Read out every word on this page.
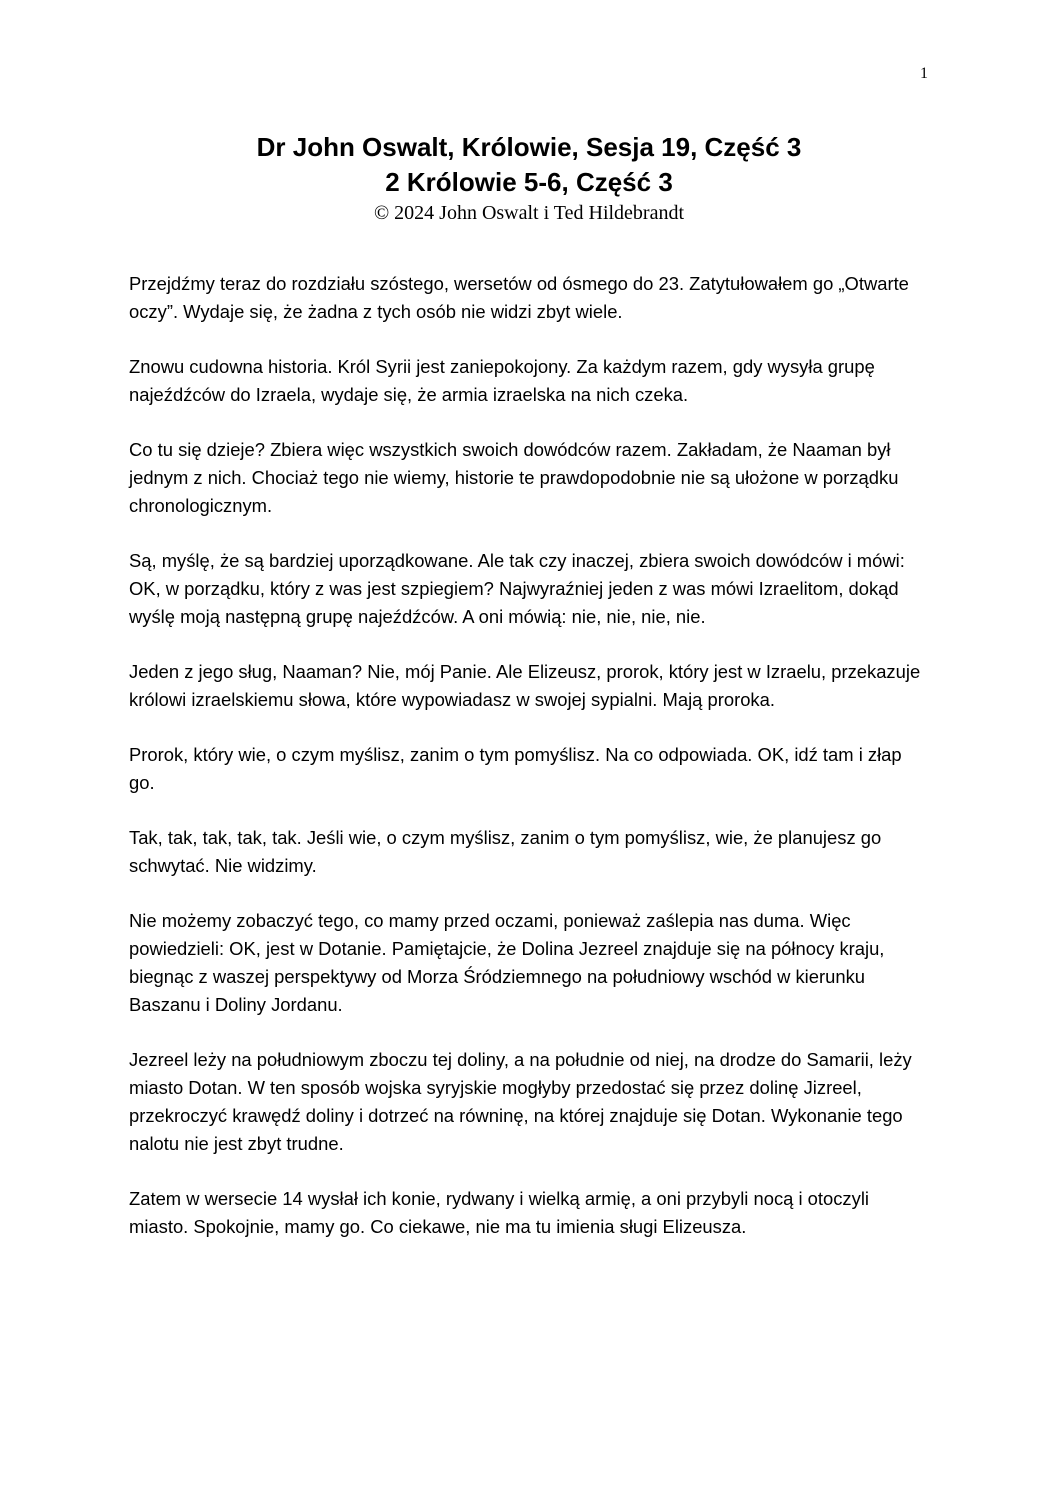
1

Dr John Oswalt, Królowie, Sesja 19, Część 3

2 Królowie 5-6, Część 3

© 2024 John Oswalt i Ted Hildebrandt

Przejdźmy teraz do rozdziału szóstego, wersetów od ósmego do 23. Zatytułowałem go „Otwarte oczy”. Wydaje się, że żadna z tych osób nie widzi zbyt wiele.

Znowu cudowna historia. Król Syrii jest zaniepokojony. Za każdym razem, gdy wysyła grupę najeźdźców do Izraela, wydaje się, że armia izraelska na nich czeka.

Co tu się dzieje? Zbiera więc wszystkich swoich dowódców razem. Zakładam, że Naaman był jednym z nich. Chociaż tego nie wiemy, historie te prawdopodobnie nie są ułożone w porządku chronologicznym.

Są, myślę, że są bardziej uporządkowane. Ale tak czy inaczej, zbiera swoich dowódców i mówi: OK, w porządku, który z was jest szpiegiem? Najwyraźniej jeden z was mówi Izraelitom, dokąd wyślę moją następną grupę najeźdźców. A oni mówią: nie, nie, nie, nie.

Jeden z jego sług, Naaman? Nie, mój Panie. Ale Elizeusz, prorok, który jest w Izraelu, przekazuje królowi izraelskiemu słowa, które wypowiadasz w swojej sypialni. Mają proroka.

Prorok, który wie, o czym myślisz, zanim o tym pomyślisz. Na co odpowiada. OK, idź tam i złap go.

Tak, tak, tak, tak, tak. Jeśli wie, o czym myślisz, zanim o tym pomyślisz, wie, że planujesz go schwytać. Nie widzimy.

Nie możemy zobaczyć tego, co mamy przed oczami, ponieważ zaślepia nas duma. Więc powiedzieli: OK, jest w Dotanie. Pamiętajcie, że Dolina Jezreel znajduje się na północy kraju, biegnąc z waszej perspektywy od Morza Śródziemnego na południowy wschód w kierunku Baszanu i Doliny Jordanu.

Jezreel leży na południowym zboczu tej doliny, a na południe od niej, na drodze do Samarii, leży miasto Dotan. W ten sposób wojska syryjskie mogłyby przedostać się przez dolinę Jizreel, przekroczyć krawędź doliny i dotrzeć na równinę, na której znajduje się Dotan. Wykonanie tego nalotu nie jest zbyt trudne.

Zatem w wersecie 14 wysłał ich konie, rydwany i wielką armię, a oni przybyli nocą i otoczyli miasto. Spokojnie, mamy go. Co ciekawe, nie ma tu imienia sługi Elizeusza.
